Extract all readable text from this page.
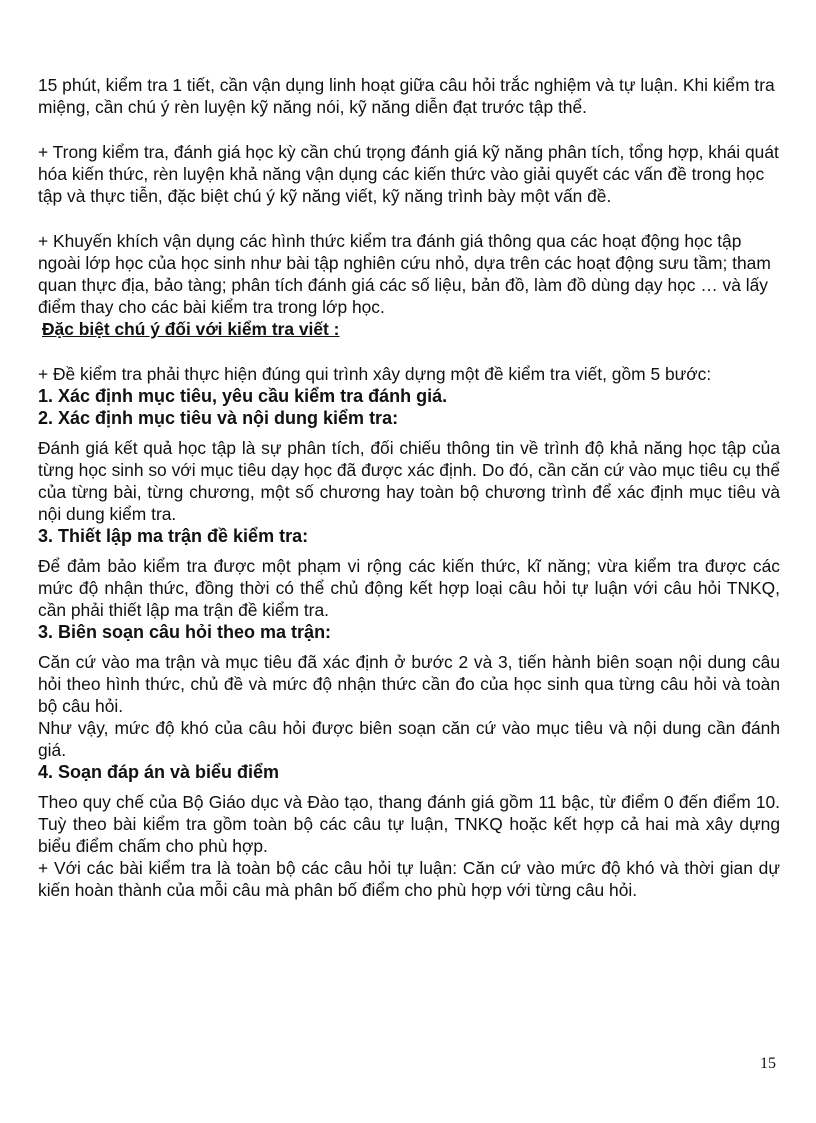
15 phút, kiểm tra 1 tiết, cần vận dụng linh hoạt giữa câu hỏi trắc nghiệm và tự luận. Khi kiểm tra miệng, cần chú ý rèn luyện kỹ năng nói, kỹ năng diễn đạt trước tập thể.

+ Trong kiểm tra, đánh giá học kỳ cần chú trọng đánh giá kỹ năng phân tích, tổng hợp, khái quát hóa kiến thức, rèn luyện khả năng vận dụng các kiến thức vào giải quyết các vấn đề trong học tập và thực tiễn, đặc biệt chú ý kỹ năng viết, kỹ năng trình bày một vấn đề.

+ Khuyến khích vận dụng các hình thức kiểm tra đánh giá thông qua các hoạt động học tập ngoài lớp học của học sinh như bài tập nghiên cứu nhỏ, dựa trên các hoạt động sưu tầm; tham quan thực địa, bảo tàng; phân tích đánh giá các số liệu, bản đồ, làm đồ dùng dạy học … và lấy điểm thay cho các bài kiểm tra trong lớp học.

Đặc biệt chú ý đối với kiểm tra viết :

+ Đề kiểm tra phải thực hiện đúng qui trình xây dựng một đề kiểm tra viết, gồm 5 bước:

1. Xác định mục tiêu, yêu cầu kiểm tra đánh giá.

2. Xác định mục tiêu và nội dung kiểm tra:

Đánh giá kết quả học tập là sự phân tích, đối chiếu thông tin về trình độ khả năng học tập của từng học sinh so với mục tiêu dạy học đã được xác định. Do đó, cần căn cứ vào mục tiêu cụ thể của từng bài, từng chương, một số chương hay toàn bộ chương trình để xác định mục tiêu và nội dung kiểm tra.

3. Thiết lập ma trận đề kiểm tra:

Để đảm bảo kiểm tra được một phạm vi rộng các kiến thức, kĩ năng; vừa kiểm tra được các mức độ nhận thức, đồng thời có thể chủ động kết hợp loại câu hỏi tự luận với câu hỏi TNKQ, cần phải thiết lập ma trận đề kiểm tra.

3. Biên soạn câu hỏi theo ma trận:

Căn cứ vào ma trận và mục tiêu đã xác định ở bước 2 và 3, tiến hành biên soạn nội dung câu hỏi theo hình thức, chủ đề và mức độ nhận thức cần đo của học sinh qua từng câu hỏi và toàn bộ câu hỏi.

Như vậy, mức độ khó của câu hỏi được biên soạn căn cứ vào mục tiêu và nội dung cần đánh giá.

4. Soạn đáp án và biểu điểm

Theo quy chế của Bộ Giáo dục và Đào tạo, thang đánh giá gồm 11 bậc, từ điểm 0 đến điểm 10. Tuỳ theo bài kiểm tra gồm toàn bộ các câu tự luận, TNKQ hoặc kết hợp cả hai mà xây dựng biểu điểm chấm cho phù hợp.

+ Với các bài kiểm tra là toàn bộ các câu hỏi tự luận: Căn cứ vào mức độ khó và thời gian dự kiến hoàn thành của mỗi câu mà phân bố điểm cho phù hợp với từng câu hỏi.

15
